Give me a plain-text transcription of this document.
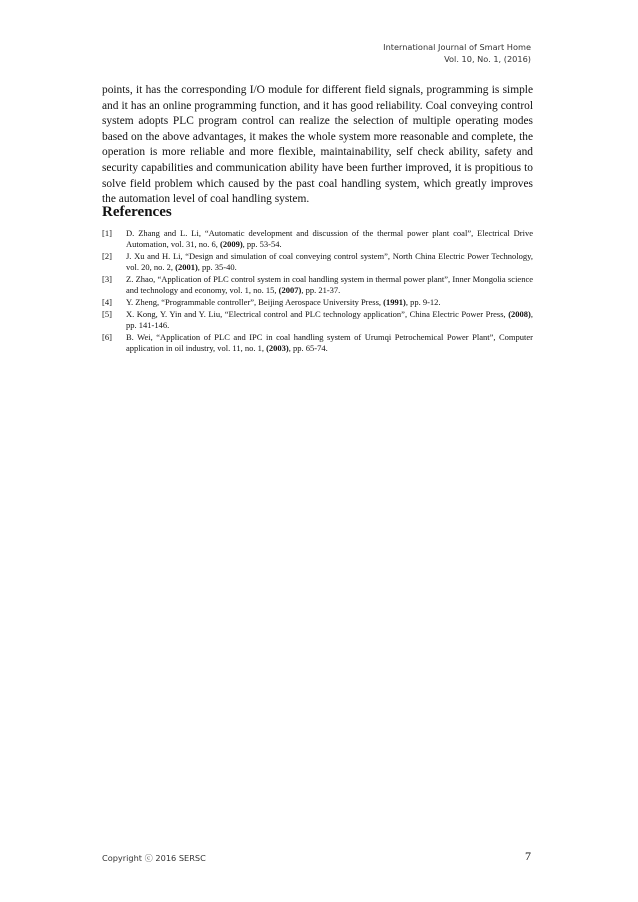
International Journal of Smart Home
Vol. 10, No. 1, (2016)

points, it has the corresponding I/O module for different field signals, programming is simple and it has an online programming function, and it has good reliability. Coal conveying control system adopts PLC program control can realize the selection of multiple operating modes based on the above advantages, it makes the whole system more reasonable and complete, the operation is more reliable and more flexible, maintainability, self check ability, safety and security capabilities and communication ability have been further improved, it is propitious to solve field problem which caused by the past coal handling system, which greatly improves the automation level of coal handling system.

References
[1]	D. Zhang and L. Li, “Automatic development and discussion of the thermal power plant coal”, Electrical Drive Automation, vol. 31, no. 6, (2009), pp. 53-54.
[2]	J. Xu and H. Li, “Design and simulation of coal conveying control system”, North China Electric Power Technology, vol. 20, no. 2, (2001), pp. 35-40.
[3]	Z. Zhao, “Application of PLC control system in coal handling system in thermal power plant”, Inner Mongolia science and technology and economy, vol. 1, no. 15, (2007), pp. 21-37.
[4]	Y. Zheng, “Programmable controller”, Beijing Aerospace University Press, (1991), pp. 9-12.
[5]	X. Kong, Y. Yin and Y. Liu, “Electrical control and PLC technology application”, China Electric Power Press, (2008), pp. 141-146.
[6]	B. Wei, “Application of PLC and IPC in coal handling system of Urumqi Petrochemical Power Plant”, Computer application in oil industry, vol. 11, no. 1, (2003), pp. 65-74.
Copyright ⓒ 2016 SERSC	7
